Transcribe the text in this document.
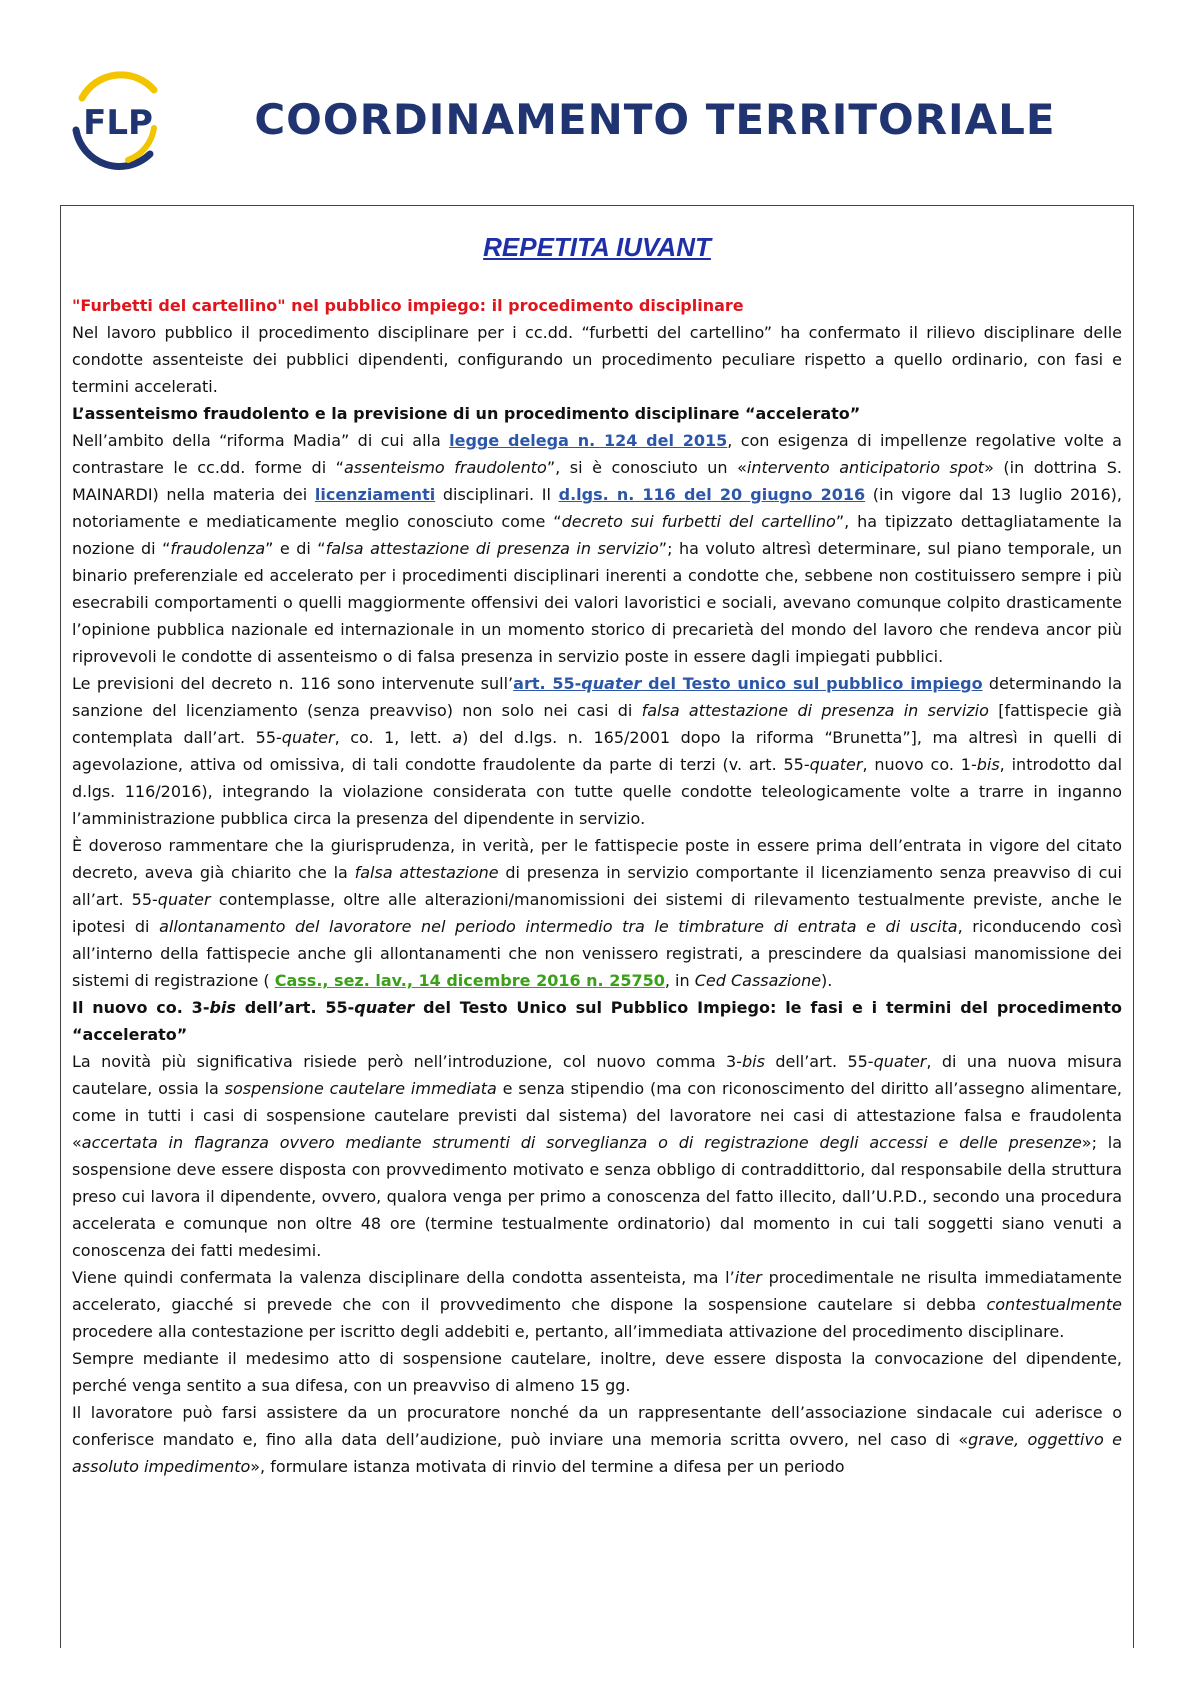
FLP	COORDINAMENTO TERRITORIALE
REPETITA IUVANT

"Furbetti del cartellino" nel pubblico impiego: il procedimento disciplinare

Nel lavoro pubblico il procedimento disciplinare per i cc.dd. “furbetti del cartellino” ha confermato il rilievo disciplinare delle condotte assenteiste dei pubblici dipendenti, configurando un procedimento peculiare rispetto a quello ordinario, con fasi e termini accelerati.

L’assenteismo fraudolento e la previsione di un procedimento disciplinare “accelerato”

Nell’ambito della “riforma Madia” di cui alla legge delega n. 124 del 2015, con esigenza di impellenze regolative volte a contrastare le cc.dd. forme di “assenteismo fraudolento”, si è conosciuto un «intervento anticipatorio spot» (in dottrina S. MAINARDI) nella materia dei licenziamenti disciplinari. Il d.lgs. n. 116 del 20 giugno 2016 (in vigore dal 13 luglio 2016), notoriamente e mediaticamente meglio conosciuto come “decreto sui furbetti del cartellino”, ha tipizzato dettagliatamente la nozione di “fraudolenza” e di “falsa attestazione di presenza in servizio”; ha voluto altresì determinare, sul piano temporale, un binario preferenziale ed accelerato per i procedimenti disciplinari inerenti a condotte che, sebbene non costituissero sempre i più esecrabili comportamenti o quelli maggiormente offensivi dei valori lavoristici e sociali, avevano comunque colpito drasticamente l’opinione pubblica nazionale ed internazionale in un momento storico di precarietà del mondo del lavoro che rendeva ancor più riprovevoli le condotte di assenteismo o di falsa presenza in servizio poste in essere dagli impiegati pubblici.

Le previsioni del decreto n. 116 sono intervenute sull’art. 55-quater del Testo unico sul pubblico impiego determinando la sanzione del licenziamento (senza preavviso) non solo nei casi di falsa attestazione di presenza in servizio [fattispecie già contemplata dall’art. 55-quater, co. 1, lett. a) del d.lgs. n. 165/2001 dopo la riforma “Brunetta”], ma altresì in quelli di agevolazione, attiva od omissiva, di tali condotte fraudolente da parte di terzi (v. art. 55-quater, nuovo co. 1-bis, introdotto dal d.lgs. 116/2016), integrando la violazione considerata con tutte quelle condotte teleologicamente volte a trarre in inganno l’amministrazione pubblica circa la presenza del dipendente in servizio.

È doveroso rammentare che la giurisprudenza, in verità, per le fattispecie poste in essere prima dell’entrata in vigore del citato decreto, aveva già chiarito che la falsa attestazione di presenza in servizio comportante il licenziamento senza preavviso di cui all’art. 55-quater contemplasse, oltre alle alterazioni/manomissioni dei sistemi di rilevamento testualmente previste, anche le ipotesi di allontanamento del lavoratore nel periodo intermedio tra le timbrature di entrata e di uscita, riconducendo così all’interno della fattispecie anche gli allontanamenti che non venissero registrati, a prescindere da qualsiasi manomissione dei sistemi di registrazione ( Cass., sez. lav., 14 dicembre 2016 n. 25750, in Ced Cassazione).

Il nuovo co. 3-bis dell’art. 55-quater del Testo Unico sul Pubblico Impiego: le fasi e i termini del procedimento “accelerato”

La novità più significativa risiede però nell’introduzione, col nuovo comma 3-bis dell’art. 55-quater, di una nuova misura cautelare, ossia la sospensione cautelare immediata e senza stipendio (ma con riconoscimento del diritto all’assegno alimentare, come in tutti i casi di sospensione cautelare previsti dal sistema) del lavoratore nei casi di attestazione falsa e fraudolenta «accertata in flagranza ovvero mediante strumenti di sorveglianza o di registrazione degli accessi e delle presenze»; la sospensione deve essere disposta con provvedimento motivato e senza obbligo di contraddittorio, dal responsabile della struttura preso cui lavora il dipendente, ovvero, qualora venga per primo a conoscenza del fatto illecito, dall’U.P.D., secondo una procedura accelerata e comunque non oltre 48 ore (termine testualmente ordinatorio) dal momento in cui tali soggetti siano venuti a conoscenza dei fatti medesimi.

Viene quindi confermata la valenza disciplinare della condotta assenteista, ma l’iter procedimentale ne risulta immediatamente accelerato, giacché si prevede che con il provvedimento che dispone la sospensione cautelare si debba contestualmente procedere alla contestazione per iscritto degli addebiti e, pertanto, all’immediata attivazione del procedimento disciplinare.

Sempre mediante il medesimo atto di sospensione cautelare, inoltre, deve essere disposta la convocazione del dipendente, perché venga sentito a sua difesa, con un preavviso di almeno 15 gg.

Il lavoratore può farsi assistere da un procuratore nonché da un rappresentante dell’associazione sindacale cui aderisce o conferisce mandato e, fino alla data dell’audizione, può inviare una memoria scritta ovvero, nel caso di «grave, oggettivo e assoluto impedimento», formulare istanza motivata di rinvio del termine a difesa per un periodo
